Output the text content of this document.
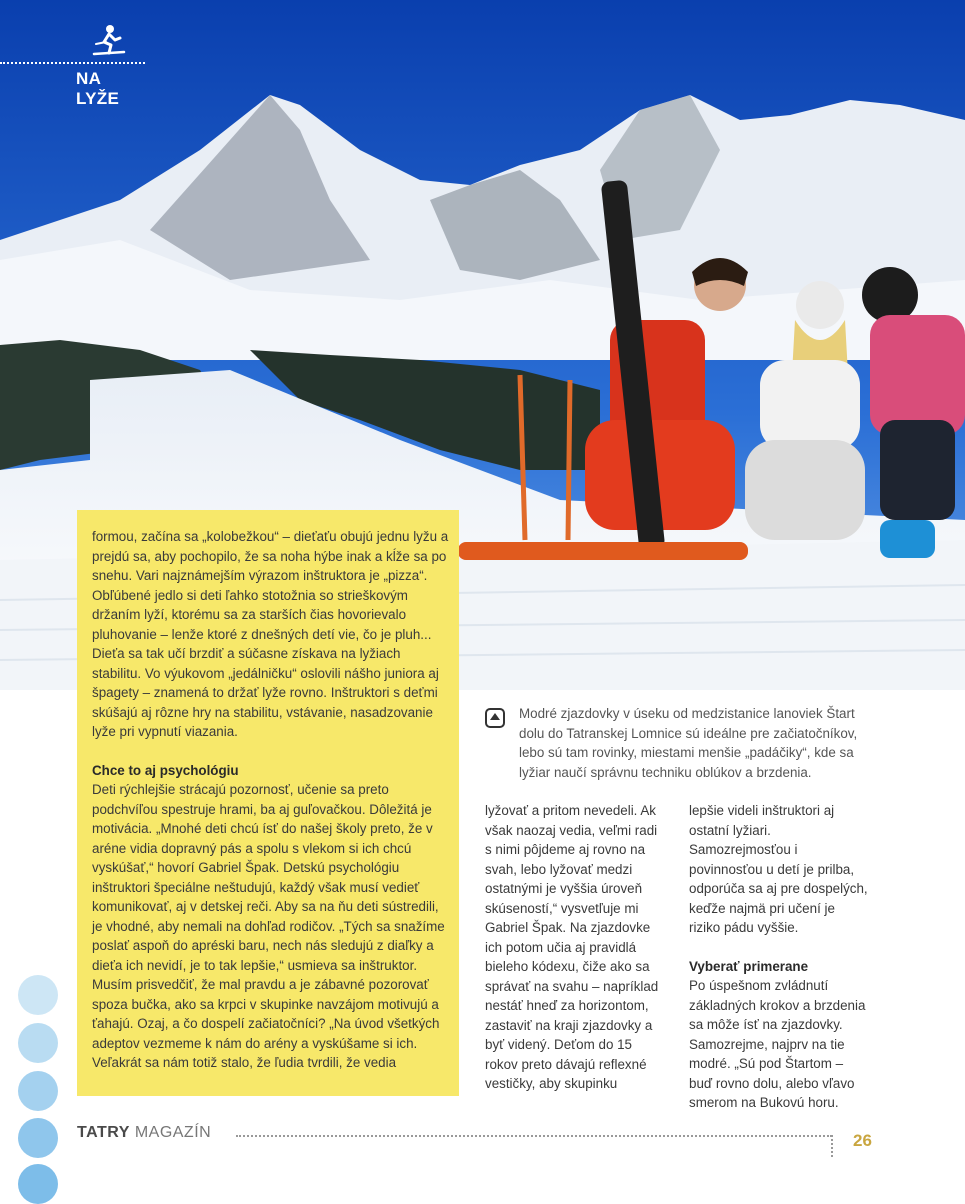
NA LYŽE

formou, začína sa „kolobežkou“ – dieťaťu obujú jednu lyžu a prejdú sa, aby pochopilo, že sa noha hýbe inak a kĺže sa po snehu. Vari najznámejším výrazom inštruktora je „pizza“. Obľúbené jedlo si deti ľahko stotožnia so strieškovým držaním lyží, ktorému sa za starších čias hovorievalo pluhovanie – lenže ktoré z dnešných detí vie, čo je pluh... Dieťa sa tak učí brzdiť a súčasne získava na lyžiach stabilitu. Vo výukovom „jedálničku“ oslovili nášho juniora aj špagety – znamená to držať lyže rovno. Inštruktori s deťmi skúšajú aj rôzne hry na stabilitu, vstávanie, nasadzovanie lyže pri vypnutí viazania.

Chce to aj psychológiu

Deti rýchlejšie strácajú pozornosť, učenie sa preto podchvíľou spestruje hrami, ba aj guľovačkou. Dôležitá je motivácia. „Mnohé deti chcú ísť do našej školy preto, že v aréne vidia dopravný pás a spolu s vlekom si ich chcú vyskúšať,“ hovorí Gabriel Špak. Detskú psychológiu inštruktori špeciálne neštudujú, každý však musí vedieť komunikovať, aj v detskej reči. Aby sa na ňu deti sústredili, je vhodné, aby nemali na dohľad rodičov. „Tých sa snažíme poslať aspoň do apréski baru, nech nás sledujú z diaľky a dieťa ich nevidí, je to tak lepšie,“ usmieva sa inštruktor. Musím prisvedčiť, že mal pravdu a je zábavné pozorovať spoza bučka, ako sa krpci v skupinke navzájom motivujú a ťahajú. Ozaj, a čo dospelí začiatočníci? „Na úvod všetkých adeptov vezmeme k nám do arény a vyskúšame si ich. Veľakrát sa nám totiž stalo, že ľudia tvrdili, že vedia

Modré zjazdovky v úseku od medzistanice lanoviek Štart dolu do Tatranskej Lomnice sú ideálne pre začiatočníkov, lebo sú tam rovinky, miestami menšie „padáčiky“, kde sa lyžiar naučí správnu techniku oblúkov a brzdenia.

lyžovať a pritom nevedeli. Ak však naozaj vedia, veľmi radi s nimi pôjdeme aj rovno na svah, lebo lyžovať medzi ostatnými je vyššia úroveň skúseností,“ vysvetľuje mi Gabriel Špak. Na zjazdovke ich potom učia aj pravidlá bieleho kódexu, čiže ako sa správať na svahu – napríklad nestáť hneď za horizontom, zastaviť na kraji zjazdovky a byť videný. Deťom do 15 rokov preto dávajú reflexné vestičky, aby skupinku

lepšie videli inštruktori aj ostatní lyžiari. Samozrejmosťou i povinnosťou u detí je prilba, odporúča sa aj pre dospelých, keďže najmä pri učení je riziko pádu vyššie.

Vyberať primerane

Po úspešnom zvládnutí základných krokov a brzdenia sa môže ísť na zjazdovky. Samozrejme, najprv na tie modré. „Sú pod Štartom – buď rovno dolu, alebo vľavo smerom na Bukovú horu.

TATRY MAGAZÍN	26
